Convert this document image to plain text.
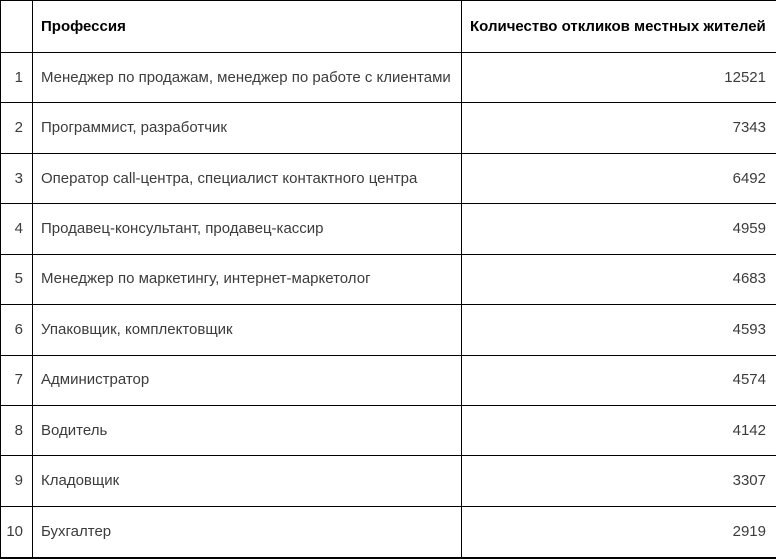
	Профессия	Количество откликов местных жителей
1	Менеджер по продажам, менеджер по работе с клиентами	12521
2	Программист, разработчик	7343
3	Оператор call-центра, специалист контактного центра	6492
4	Продавец-консультант, продавец-кассир	4959
5	Менеджер по маркетингу, интернет-маркетолог	4683
6	Упаковщик, комплектовщик	4593
7	Администратор	4574
8	Водитель	4142
9	Кладовщик	3307
10	Бухгалтер	2919
